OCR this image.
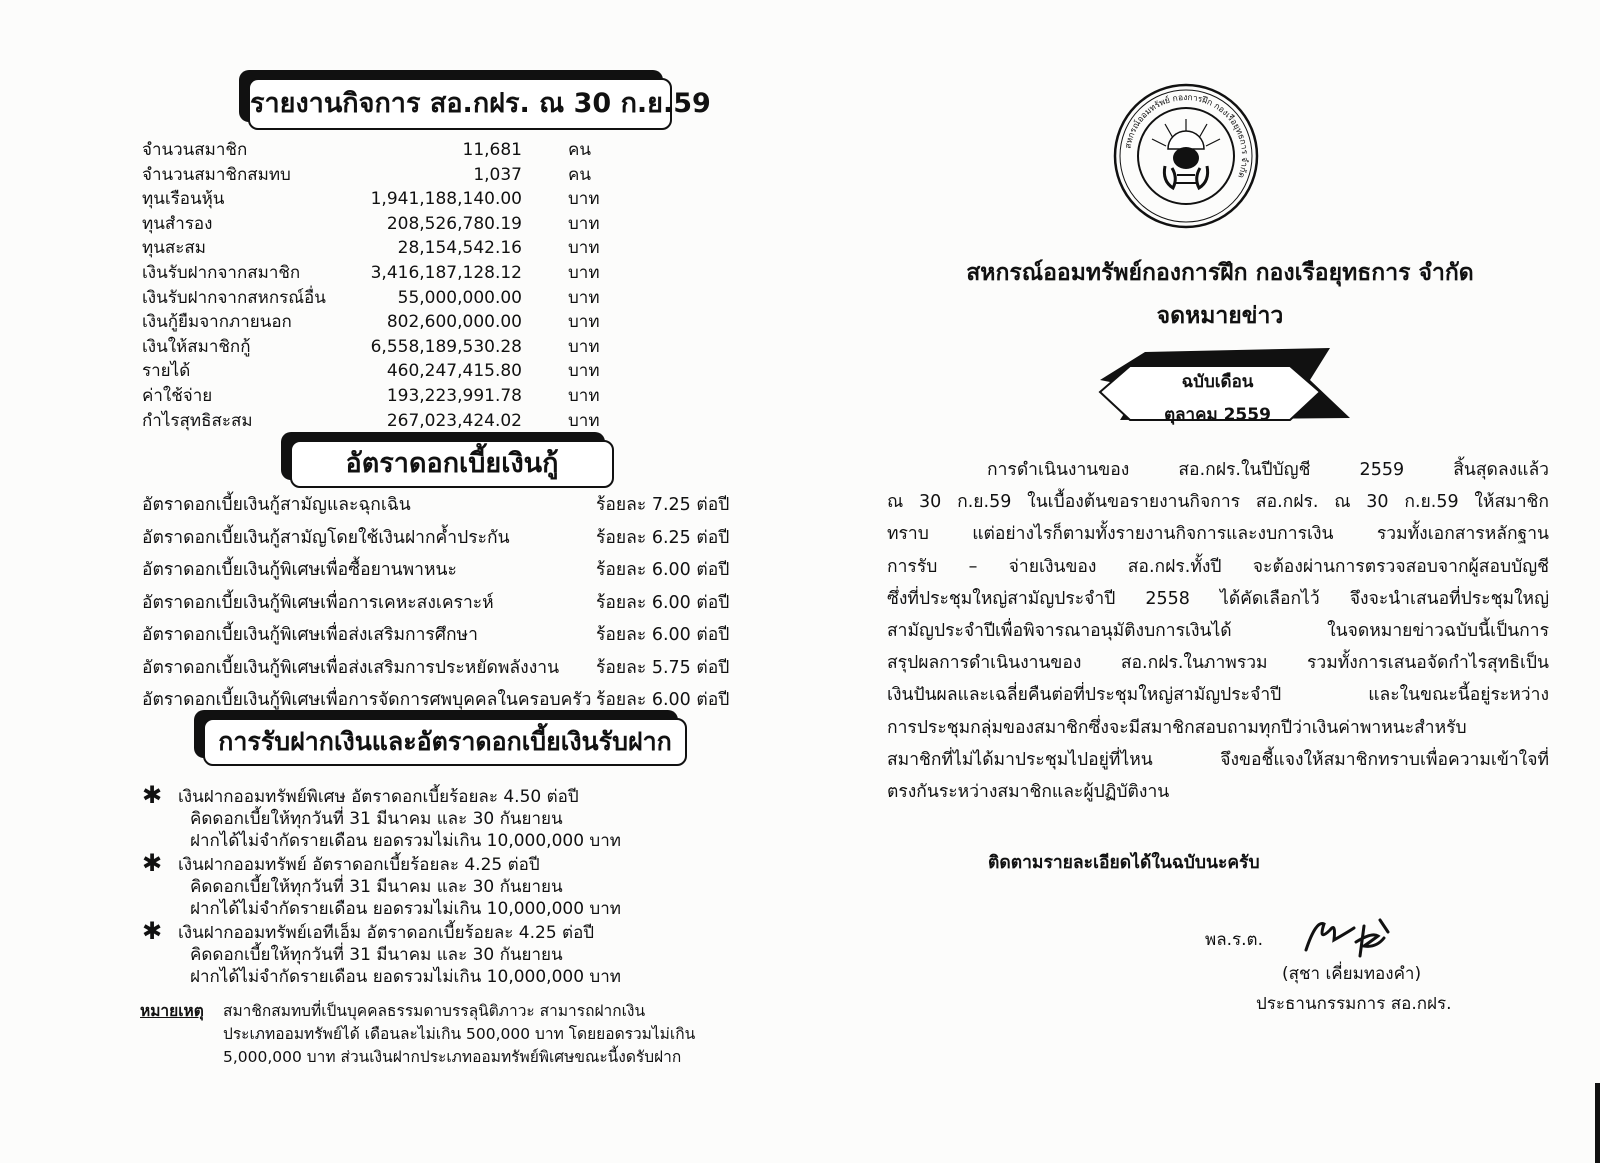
รายงานกิจการ สอ.กฝร. ณ 30 ก.ย.59
จำนวนสมาชิก	11,681	คน
จำนวนสมาชิกสมทบ	1,037	คน
ทุนเรือนหุ้น	1,941,188,140.00	บาท
ทุนสำรอง	208,526,780.19	บาท
ทุนสะสม	28,154,542.16	บาท
เงินรับฝากจากสมาชิก	3,416,187,128.12	บาท
เงินรับฝากจากสหกรณ์อื่น	55,000,000.00	บาท
เงินกู้ยืมจากภายนอก	802,600,000.00	บาท
เงินให้สมาชิกกู้	6,558,189,530.28	บาท
รายได้	460,247,415.80	บาท
ค่าใช้จ่าย	193,223,991.78	บาท
กำไรสุทธิสะสม	267,023,424.02	บาท
อัตราดอกเบี้ยเงินกู้
อัตราดอกเบี้ยเงินกู้สามัญและฉุกเฉิน	ร้อยละ 7.25 ต่อปี
อัตราดอกเบี้ยเงินกู้สามัญโดยใช้เงินฝากค้ำประกัน	ร้อยละ 6.25 ต่อปี
อัตราดอกเบี้ยเงินกู้พิเศษเพื่อซื้อยานพาหนะ	ร้อยละ 6.00 ต่อปี
อัตราดอกเบี้ยเงินกู้พิเศษเพื่อการเคหะสงเคราะห์	ร้อยละ 6.00 ต่อปี
อัตราดอกเบี้ยเงินกู้พิเศษเพื่อส่งเสริมการศึกษา	ร้อยละ 6.00 ต่อปี
อัตราดอกเบี้ยเงินกู้พิเศษเพื่อส่งเสริมการประหยัดพลังงาน ร้อยละ 5.75 ต่อปี
อัตราดอกเบี้ยเงินกู้พิเศษเพื่อการจัดการศพบุคคลในครอบครัว ร้อยละ 6.00 ต่อปี
การรับฝากเงินและอัตราดอกเบี้ยเงินรับฝาก
✱ เงินฝากออมทรัพย์พิเศษ อัตราดอกเบี้ยร้อยละ 4.50 ต่อปี
คิดดอกเบี้ยให้ทุกวันที่ 31 มีนาคม และ 30 กันยายน
ฝากได้ไม่จำกัดรายเดือน ยอดรวมไม่เกิน 10,000,000 บาท
✱ เงินฝากออมทรัพย์ อัตราดอกเบี้ยร้อยละ 4.25 ต่อปี
คิดดอกเบี้ยให้ทุกวันที่ 31 มีนาคม และ 30 กันยายน
ฝากได้ไม่จำกัดรายเดือน ยอดรวมไม่เกิน 10,000,000 บาท
✱ เงินฝากออมทรัพย์เอทีเอ็ม อัตราดอกเบี้ยร้อยละ 4.25 ต่อปี
คิดดอกเบี้ยให้ทุกวันที่ 31 มีนาคม และ 30 กันยายน
ฝากได้ไม่จำกัดรายเดือน ยอดรวมไม่เกิน 10,000,000 บาท
หมายเหตุ สมาชิกสมทบที่เป็นบุคคลธรรมดาบรรลุนิติภาวะ สามารถฝากเงิน
ประเภทออมทรัพย์ได้ เดือนละไม่เกิน 500,000 บาท โดยยอดรวมไม่เกิน
5,000,000 บาท ส่วนเงินฝากประเภทออมทรัพย์พิเศษขณะนี้งดรับฝาก
สหกรณ์ออมทรัพย์ กองการฝึก กองเรือยุทธการ จำกัด
สหกรณ์ออมทรัพย์กองการฝึก กองเรือยุทธการ จำกัด
จดหมายข่าว
ฉบับเดือน
ตุลาคม 2559
การดำเนินงานของ สอ.กฝร.ในปีบัญชี 2559 สิ้นสุดลงแล้ว
ณ 30 ก.ย.59 ในเบื้องต้นขอรายงานกิจการ สอ.กฝร. ณ 30 ก.ย.59 ให้สมาชิก
ทราบ แต่อย่างไรก็ตามทั้งรายงานกิจการและงบการเงิน รวมทั้งเอกสารหลักฐาน
การรับ – จ่ายเงินของ สอ.กฝร.ทั้งปี จะต้องผ่านการตรวจสอบจากผู้สอบบัญชี
ซึ่งที่ประชุมใหญ่สามัญประจำปี 2558 ได้คัดเลือกไว้ จึงจะนำเสนอที่ประชุมใหญ่
สามัญประจำปีเพื่อพิจารณาอนุมัติงบการเงินได้ ในจดหมายข่าวฉบับนี้เป็นการ
สรุปผลการดำเนินงานของ สอ.กฝร.ในภาพรวม รวมทั้งการเสนอจัดกำไรสุทธิเป็น
เงินปันผลและเฉลี่ยคืนต่อที่ประชุมใหญ่สามัญประจำปี และในขณะนี้อยู่ระหว่าง
การประชุมกลุ่มของสมาชิกซึ่งจะมีสมาชิกสอบถามทุกปีว่าเงินค่าพาหนะสำหรับ
สมาชิกที่ไม่ได้มาประชุมไปอยู่ที่ไหน จึงขอชี้แจงให้สมาชิกทราบเพื่อความเข้าใจที่
ตรงกันระหว่างสมาชิกและผู้ปฏิบัติงาน
ติดตามรายละเอียดได้ในฉบับนะครับ
พล.ร.ต.
(สุชา เคี่ยมทองคำ)
ประธานกรรมการ สอ.กฝร.
